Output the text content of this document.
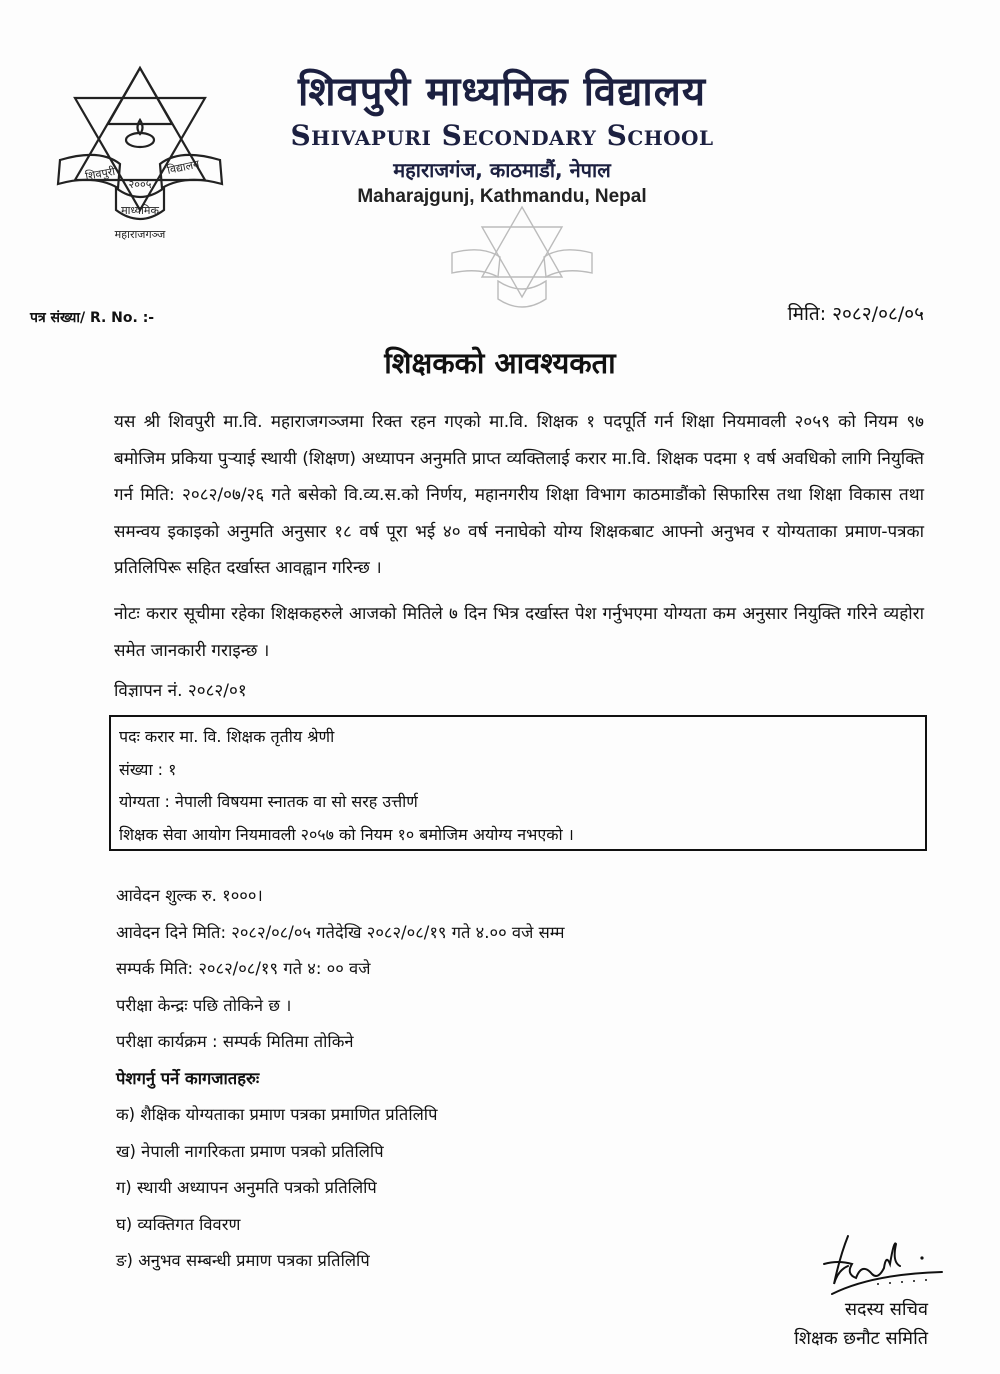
शिवपुरी	विद्यालय
२००५
माध्यमिक
महाराजगञ्ज
शिवपुरी माध्यमिक विद्यालय
Shivapuri Secondary School
महाराजगंज, काठमाडौं, नेपाल
Maharajgunj, Kathmandu, Nepal
पत्र संख्या/ R. No. :-	मिति: २०८२/०८/०५
शिक्षकको आवश्यकता
यस श्री शिवपुरी मा.वि. महाराजगञ्जमा रिक्त रहन गएको मा.वि. शिक्षक १ पदपूर्ति गर्न शिक्षा नियमावली २०५९ को नियम ९७ बमोजिम प्रकिया पुऱ्याई स्थायी (शिक्षण) अध्यापन अनुमति प्राप्त व्यक्तिलाई करार मा.वि. शिक्षक पदमा १ वर्ष अवधिको लागि नियुक्ति गर्न मिति: २०८२/०७/२६ गते बसेको वि.व्य.स.को निर्णय, महानगरीय शिक्षा विभाग काठमाडौंको सिफारिस तथा शिक्षा विकास तथा समन्वय इकाइको अनुमति अनुसार १८ वर्ष पूरा भई ४० वर्ष ननाघेको योग्य शिक्षकबाट आफ्नो अनुभव र योग्यताका प्रमाण-पत्रका प्रतिलिपिरू सहित दर्खास्त आवह्वान गरिन्छ ।
नोटः करार सूचीमा रहेका शिक्षकहरुले आजको मितिले ७ दिन भित्र दर्खास्त पेश गर्नुभएमा योग्यता कम अनुसार नियुक्ति गरिने व्यहोरा समेत जानकारी गराइन्छ ।
विज्ञापन नं. २०८२/०१
पदः करार मा. वि. शिक्षक तृतीय श्रेणी
संख्या : १
योग्यता : नेपाली विषयमा स्नातक वा सो सरह उत्तीर्ण
शिक्षक सेवा आयोग नियमावली २०५७ को नियम १० बमोजिम अयोग्य नभएको ।
आवेदन शुल्क रु. १०००।
आवेदन दिने मिति: २०८२/०८/०५ गतेदेखि २०८२/०८/१९ गते ४.०० वजे सम्म
सम्पर्क मिति: २०८२/०८/१९ गते ४: ०० वजे
परीक्षा केन्द्रः पछि तोकिने छ ।
परीक्षा कार्यक्रम : सम्पर्क मितिमा तोकिने
पेशगर्नु पर्ने कागजातहरुः
क) शैक्षिक योग्यताका प्रमाण पत्रका प्रमाणित प्रतिलिपि
ख) नेपाली नागरिकता प्रमाण पत्रको प्रतिलिपि
ग) स्थायी अध्यापन अनुमति पत्रको प्रतिलिपि
घ) व्यक्तिगत विवरण
ङ) अनुभव सम्बन्धी प्रमाण पत्रका प्रतिलिपि
सदस्य सचिव
शिक्षक छनौट समिति
